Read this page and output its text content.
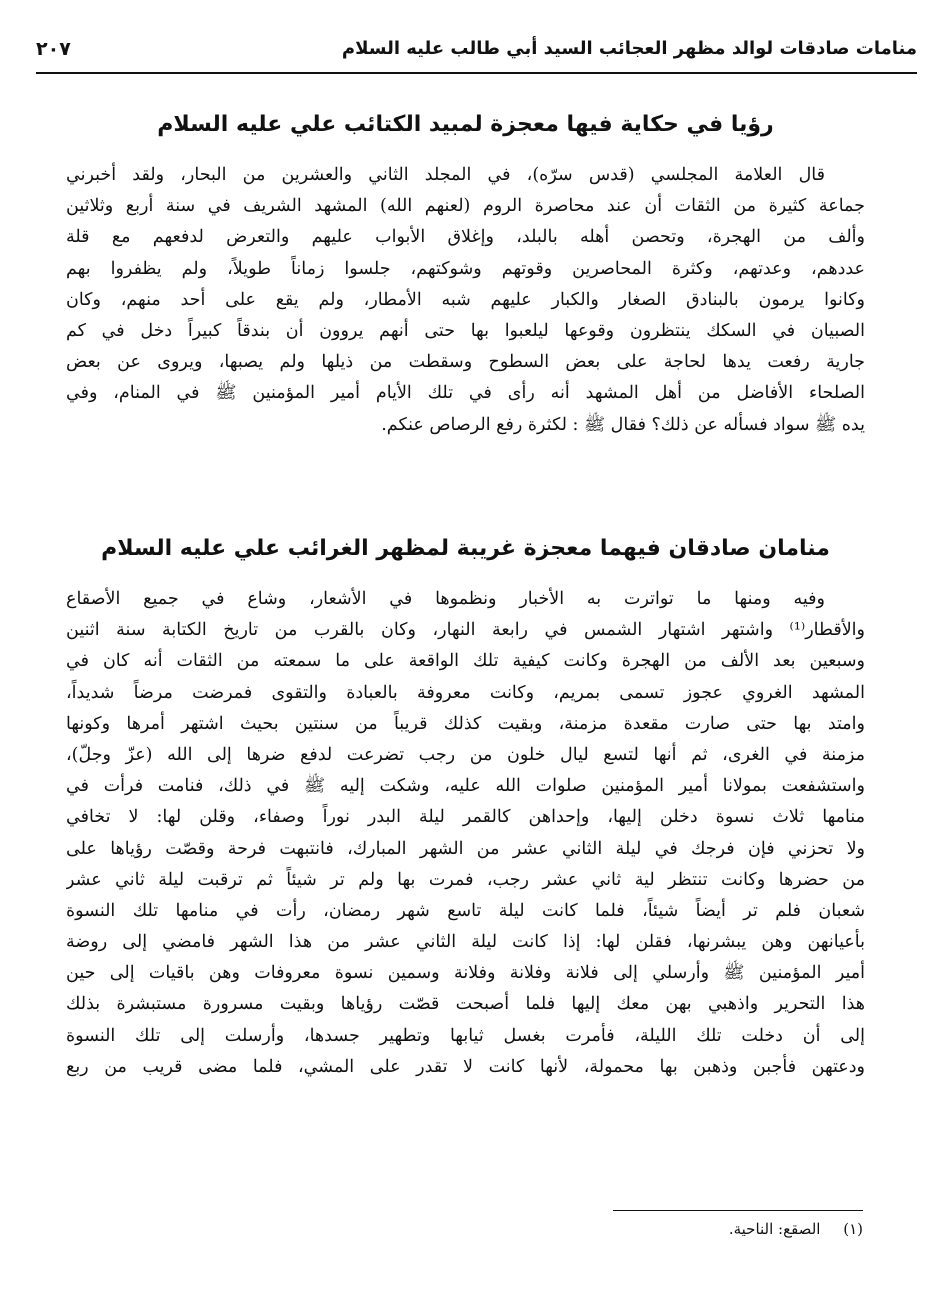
منامات صادقات لوالد مظهر العجائب السيد أبي طالب عليه السلام
٢٠٧
رؤيا في حكاية فيها معجزة لمبيد الكتائب علي عليه السلام
قال العلامة المجلسي (قدس سرّه)، في المجلد الثاني والعشرين من البحار، ولقد أخبرني
جماعة كثيرة من الثقات أن عند محاصرة الروم (لعنهم الله) المشهد الشريف في سنة أربع وثلاثين
وألف من الهجرة، وتحصن أهله بالبلد، وإغلاق الأبواب عليهم والتعرض لدفعهم مع قلة
عددهم، وعدتهم، وكثرة المحاصرين وقوتهم وشوكتهم، جلسوا زماناً طويلاً، ولم يظفروا بهم
وكانوا يرمون بالبنادق الصغار والكبار عليهم شبه الأمطار، ولم يقع على أحد منهم، وكان
الصبيان في السكك ينتظرون وقوعها ليلعبوا بها حتى أنهم يروون أن بندقاً كبيراً دخل في كم
جارية رفعت يدها لحاجة على بعض السطوح وسقطت من ذيلها ولم يصبها، ويروى عن بعض
الصلحاء الأفاضل من أهل المشهد أنه رأى في تلك الأيام أمير المؤمنين ﷺ في المنام، وفي
يده ﷺ سواد فسأله عن ذلك؟ فقال ﷺ : لكثرة رفع الرصاص عنكم.
منامان صادقان فيهما معجزة غريبة لمظهر الغرائب علي عليه السلام
وفيه ومنها ما تواترت به الأخبار ونظموها في الأشعار، وشاع في جميع الأصقاع
والأقطار⁽¹⁾ واشتهر اشتهار الشمس في رابعة النهار، وكان بالقرب من تاريخ الكتابة سنة اثنين
وسبعين بعد الألف من الهجرة وكانت كيفية تلك الواقعة على ما سمعته من الثقات أنه كان في
المشهد الغروي عجوز تسمى بمريم، وكانت معروفة بالعبادة والتقوى فمرضت مرضاً شديداً،
وامتد بها حتى صارت مقعدة مزمنة، وبقيت كذلك قريباً من سنتين بحيث اشتهر أمرها وكونها
مزمنة في الغرى، ثم أنها لتسع ليال خلون من رجب تضرعت لدفع ضرها إلى الله (عزّ وجلّ)،
واستشفعت بمولانا أمير المؤمنين صلوات الله عليه، وشكت إليه ﷺ في ذلك، فنامت فرأت في
منامها ثلاث نسوة دخلن إليها، وإحداهن كالقمر ليلة البدر نوراً وصفاء، وقلن لها: لا تخافي
ولا تحزني فإن فرجك في ليلة الثاني عشر من الشهر المبارك، فانتبهت فرحة وقصّت رؤياها على
من حضرها وكانت تنتظر لية ثاني عشر رجب، فمرت بها ولم تر شيئاً ثم ترقبت ليلة ثاني عشر
شعبان فلم تر أيضاً شيئاً، فلما كانت ليلة تاسع شهر رمضان، رأت في منامها تلك النسوة
بأعيانهن وهن يبشرنها، فقلن لها: إذا كانت ليلة الثاني عشر من هذا الشهر فامضي إلى روضة
أمير المؤمنين ﷺ وأرسلي إلى فلانة وفلانة وفلانة وسمين نسوة معروفات وهن باقيات إلى حين
هذا التحرير واذهبي بهن معك إليها فلما أصبحت قصّت رؤياها وبقيت مسرورة مستبشرة بذلك
إلى أن دخلت تلك الليلة، فأمرت بغسل ثيابها وتطهير جسدها، وأرسلت إلى تلك النسوة
ودعتهن فأجبن وذهبن بها محمولة، لأنها كانت لا تقدر على المشي، فلما مضى قريب من ربع
(١) الصقع: الناحية.
